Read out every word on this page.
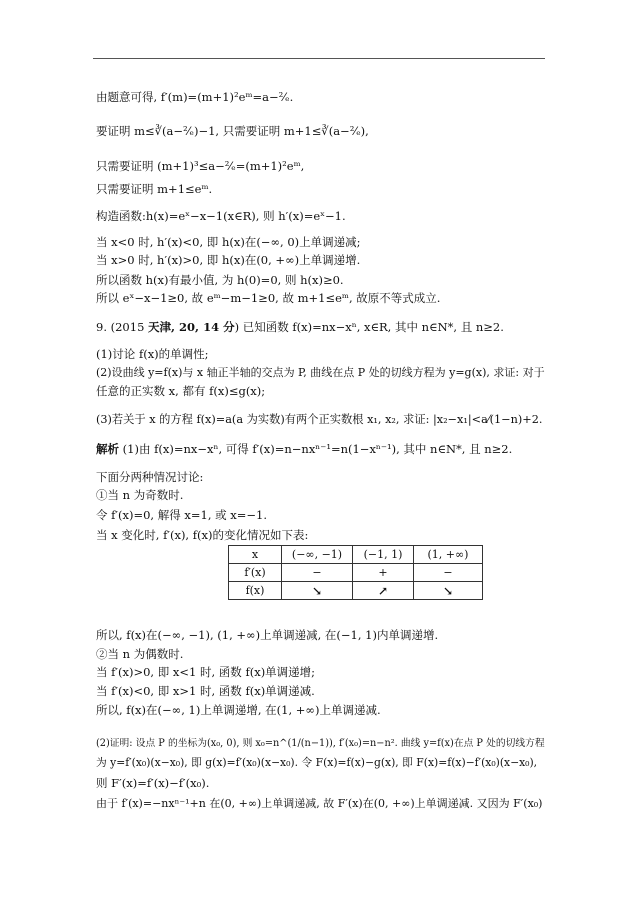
由题意可得, f′(m)=(m+1)²eᵐ=a−²⁄ₑ.
要证明 m≤∛(a−²⁄ₑ)−1, 只需要证明 m+1≤∛(a−²⁄ₑ),
只需要证明 (m+1)³≤a−²⁄ₑ=(m+1)²eᵐ,
只需要证明 m+1≤eᵐ.
构造函数:h(x)=eˣ−x−1(x∈R), 则 h′(x)=eˣ−1.
当 x<0 时, h′(x)<0, 即 h(x)在(−∞, 0)上单调递减;
当 x>0 时, h′(x)>0, 即 h(x)在(0, +∞)上单调递增.
所以函数 h(x)有最小值, 为 h(0)=0, 则 h(x)≥0.
所以 eˣ−x−1≥0, 故 eᵐ−m−1≥0, 故 m+1≤eᵐ, 故原不等式成立.
9. (2015 天津, 20, 14 分) 已知函数 f(x)=nx−xⁿ, x∈R, 其中 n∈N*, 且 n≥2.
(1)讨论 f(x)的单调性;
(2)设曲线 y=f(x)与 x 轴正半轴的交点为 P, 曲线在点 P 处的切线方程为 y=g(x), 求证: 对于
任意的正实数 x, 都有 f(x)≤g(x);
(3)若关于 x 的方程 f(x)=a(a 为实数)有两个正实数根 x₁, x₂, 求证: |x₂−x₁|<a⁄(1−n)+2.
解析 (1)由 f(x)=nx−xⁿ, 可得 f′(x)=n−nxⁿ⁻¹=n(1−xⁿ⁻¹), 其中 n∈N*, 且 n≥2.
下面分两种情况讨论:
①当 n 为奇数时.
令 f′(x)=0, 解得 x=1, 或 x=−1.
当 x 变化时, f′(x), f(x)的变化情况如下表:
x	(−∞, −1)	(−1, 1)	(1, +∞)
f′(x)	−	+	−
f(x)	↘	↗	↘
所以, f(x)在(−∞, −1), (1, +∞)上单调递减, 在(−1, 1)内单调递增.
②当 n 为偶数时.
当 f′(x)>0, 即 x<1 时, 函数 f(x)单调递增;
当 f′(x)<0, 即 x>1 时, 函数 f(x)单调递减.
所以, f(x)在(−∞, 1)上单调递增, 在(1, +∞)上单调递减.
(2)证明: 设点 P 的坐标为(x₀, 0), 则 x₀=n^(1/(n−1)), f′(x₀)=n−n². 曲线 y=f(x)在点 P 处的切线方程
为 y=f′(x₀)(x−x₀), 即 g(x)=f′(x₀)(x−x₀). 令 F(x)=f(x)−g(x), 即 F(x)=f(x)−f′(x₀)(x−x₀),
则 F′(x)=f′(x)−f′(x₀).
由于 f′(x)=−nxⁿ⁻¹+n 在(0, +∞)上单调递减, 故 F′(x)在(0, +∞)上单调递减. 又因为 F′(x₀)
